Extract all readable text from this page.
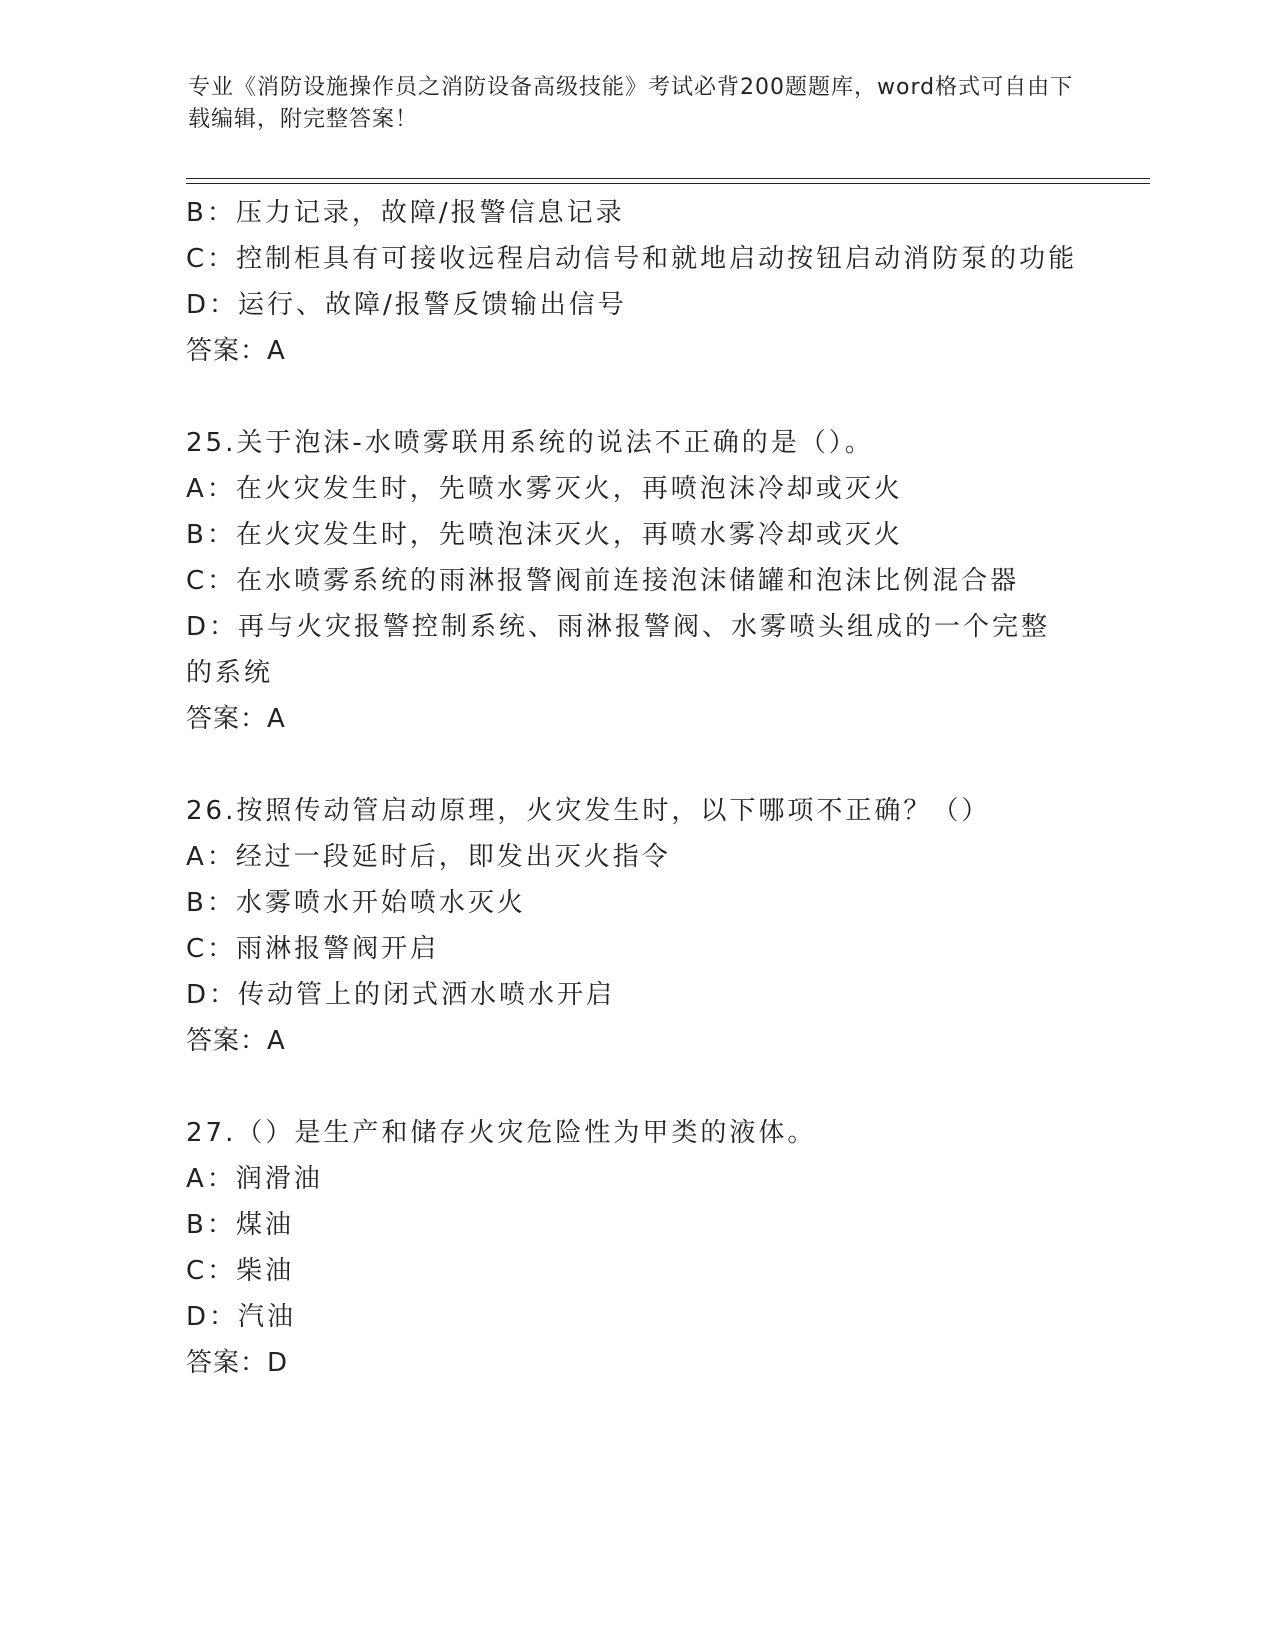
专业《消防设施操作员之消防设备高级技能》考试必背200题题库，word格式可自由下载编辑，附完整答案！
B：压力记录，故障/报警信息记录
C：控制柜具有可接收远程启动信号和就地启动按钮启动消防泵的功能
D：运行、故障/报警反馈输出信号
答案：A
25.关于泡沫-水喷雾联用系统的说法不正确的是（）。
A：在火灾发生时，先喷水雾灭火，再喷泡沫冷却或灭火
B：在火灾发生时，先喷泡沫灭火，再喷水雾冷却或灭火
C：在水喷雾系统的雨淋报警阀前连接泡沫储罐和泡沫比例混合器
D：再与火灾报警控制系统、雨淋报警阀、水雾喷头组成的一个完整的系统
答案：A
26.按照传动管启动原理，火灾发生时，以下哪项不正确？（）
A：经过一段延时后，即发出灭火指令
B：水雾喷水开始喷水灭火
C：雨淋报警阀开启
D：传动管上的闭式洒水喷水开启
答案：A
27.（）是生产和储存火灾危险性为甲类的液体。
A：润滑油
B：煤油
C：柴油
D：汽油
答案：D
